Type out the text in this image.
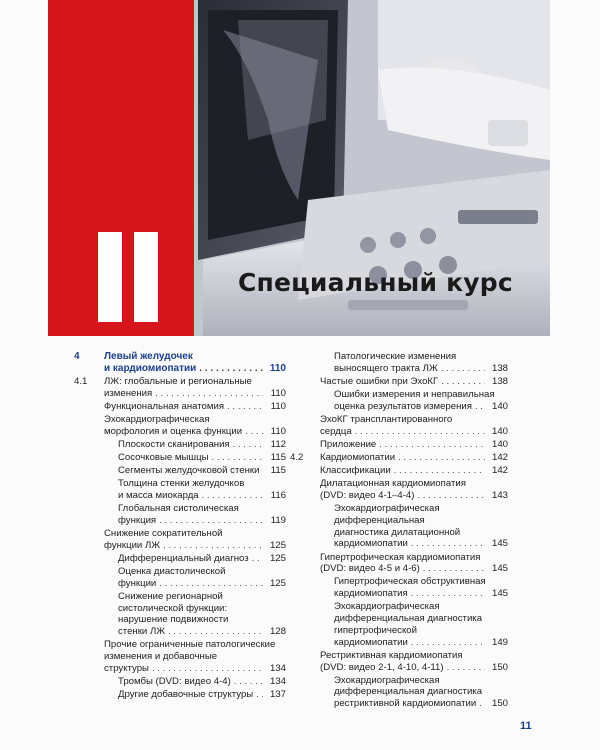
Специальный курс
4	Левый желудочек
и кардиомиопатии . . .	110
4.1	ЛЖ: глобальные и региональные
изменения . . .	110
Функциональная анатомия . . .	110
Эхокардиографическая
морфология и оценка функции . . .	110
Плоскости сканирования . . .	112
Сосочковые мышцы . . .	115
Сегменты желудочковой стенки . . .	115
Толщина стенки желудочков
и масса миокарда . . .	116
Глобальная систолическая
функция . . .	119
Снижение сократительной
функции ЛЖ . . .	125
Дифференциальный диагноз . . .	125
Оценка диастолической
функции . . .	125
Снижение регионарной
систолической функции:
нарушение подвижности
стенки ЛЖ . . .	128
Прочие ограниченные патологические
изменения и добавочные
структуры . . .	134
Тромбы (DVD: видео 4-4) . . .	134
Другие добавочные структуры . . .	137
Патологические изменения
выносящего тракта ЛЖ . . .	138
Частые ошибки при ЭхоКГ . . .	138
Ошибки измерения и неправильная
оценка результатов измерения . . .	140
ЭхоКГ трансплантированного
сердца . . .	140
Приложение . . .	140
4.2	Кардиомиопатии . . .	142
Классификации . . .	142
Дилатационная кардиомиопатия
(DVD: видео 4-1–4-4) . . .	143
Эхокардиографическая
дифференциальная
диагностика дилатационной
кардиомиопатии . . .	145
Гипертрофическая кардиомиопатия
(DVD: видео 4-5 и 4-6) . . .	145
Гипертрофическая обструктивная
кардиомиопатия . . .	145
Эхокардиографическая
дифференциальная диагностика
гипертрофической
кардиомиопатии . . .	149
Рестриктивная кардиомиопатия
(DVD: видео 2-1, 4-10, 4-11) . . .	150
Эхокардиографическая
дифференциальная диагностика
рестриктивной кардиомиопатии . . .	150
11
